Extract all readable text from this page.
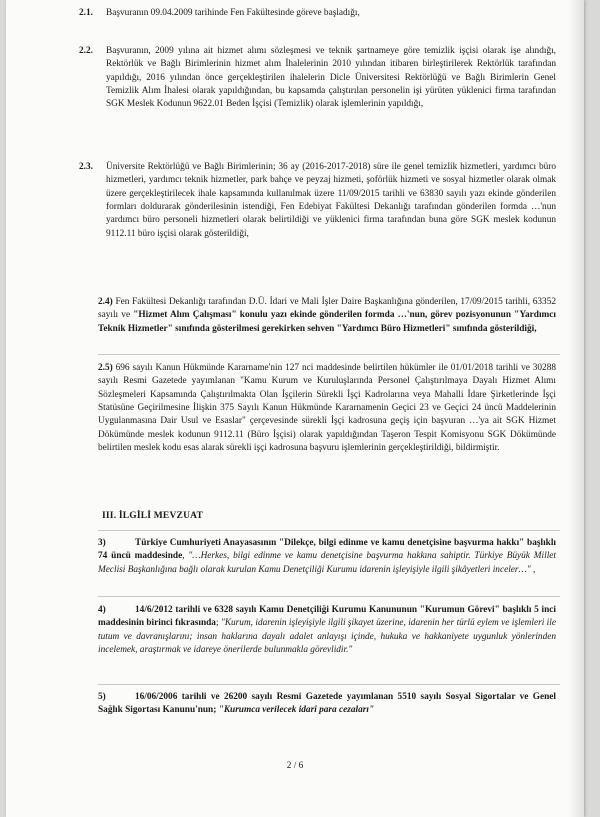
2.1.	Başvuranın 09.04.2009 tarihinde Fen Fakültesinde göreve başladığı,

2.2.	Başvuranın, 2009 yılına ait hizmet alımı sözleşmesi ve teknik şartnameye göre temizlik işçisi olarak işe alındığı, Rektörlük ve Bağlı Birimlerinin hizmet alım İhalelerinin 2010 yılından itibaren birleştirilerek Rektörlük tarafından yapıldığı, 2016 yılından önce gerçekleştirilen ihalelerin Dicle Üniversitesi Rektörlüğü ve Bağlı Birimlerin Genel Temizlik Alım İhalesi olarak yapıldığından, bu kapsamda çalıştırılan personelin işi yürüten yüklenici firma tarafından SGK Meslek Kodunun 9622.01 Beden İşçisi (Temizlik) olarak işlemlerinin yapıldığı,

2.3.	Üniversite Rektörlüğü ve Bağlı Birimlerinin; 36 ay (2016-2017-2018) süre ile genel temizlik hizmetleri, yardımcı büro hizmetleri, yardımcı teknik hizmetler, park bahçe ve peyzaj hizmeti, şoförlük hizmeti ve sosyal hizmetler olarak olmak üzere gerçekleştirilecek ihale kapsamında kullanılmak üzere 11/09/2015 tarihli ve 63830 sayılı yazı ekinde gönderilen formları doldurarak gönderilesinin istendiği, Fen Edebiyat Fakültesi Dekanlığı tarafından gönderilen formda …'nun yardımcı büro personeli hizmetleri olarak belirtildiği ve yüklenici firma tarafından buna göre SGK meslek kodunun 9112.11 büro işçisi olarak gösterildiği,

2.4) Fen Fakültesi Dekanlığı tarafından D.Ü. İdari ve Mali İşler Daire Başkanlığına gönderilen, 17/09/2015 tarihli, 63352 sayılı ve "Hizmet Alım Çalışması" konulu yazı ekinde gönderilen formda …'nun, görev pozisyonunun "Yardımcı Teknik Hizmetler" sınıfında gösterilmesi gerekirken sehven "Yardımcı Büro Hizmetleri" sınıfında gösterildiği,

2.5) 696 sayılı Kanun Hükmünde Kararname'nin 127 nci maddesinde belirtilen hükümler ile 01/01/2018 tarihli ve 30288 sayılı Resmi Gazetede yayımlanan "Kamu Kurum ve Kuruluşlarında Personel Çalıştırılmaya Dayalı Hizmet Alımı Sözleşmeleri Kapsamında Çalıştırılmakta Olan İşçilerin Sürekli İşçi Kadrolarına veya Mahalli İdare Şirketlerinde İşçi Statüsüne Geçirilmesine İlişkin 375 Sayılı Kanun Hükmünde Kararnamenin Geçici 23 ve Geçici 24 üncü Maddelerinin Uygulanmasına Dair Usul ve Esaslar" çerçevesinde sürekli İşçi kadrosuna geçiş için başvuran …'ya ait SGK Hizmet Dökümünde meslek kodunun 9112.11 (Büro İşçisi) olarak yapıldığından Taşeron Tespit Komisyonu SGK Dökümünde belirtilen meslek kodu esas alarak sürekli işçi kadrosuna başvuru işlemlerinin gerçekleştirildiği, bildirmiştir.

III. İLGİLİ MEVZUAT

3)	Türkiye Cumhuriyeti Anayasasının "Dilekçe, bilgi edinme ve kamu denetçisine başvurma hakkı" başlıklı 74 üncü maddesinde, "…Herkes, bilgi edinme ve kamu denetçisine başvurma hakkına sahiptir. Türkiye Büyük Millet Meclisi Başkanlığına bağlı olarak kurulan Kamu Denetçiliği Kurumu idarenin işleyişiyle ilgili şikâyetleri inceler…" ,

4)	14/6/2012 tarihli ve 6328 sayılı Kamu Denetçiliği Kurumu Kanununun "Kurumun Görevi" başlıklı 5 inci maddesinin birinci fıkrasında; "Kurum, idarenin işleyişiyle ilgili şikayet üzerine, idarenin her türlü eylem ve işlemleri ile tutum ve davranışlarını; insan haklarına dayalı adalet anlayışı içinde, hukuka ve hakkaniyete uygunluk yönlerinden incelemek, araştırmak ve idareye önerilerde bulunmakla görevlidir."

5)	16/06/2006 tarihli ve 26200 sayılı Resmi Gazetede yayımlanan 5510 sayılı Sosyal Sigortalar ve Genel Sağlık Sigortası Kanunu'nun; "Kurumca verilecek idarî para cezaları"

2 / 6
